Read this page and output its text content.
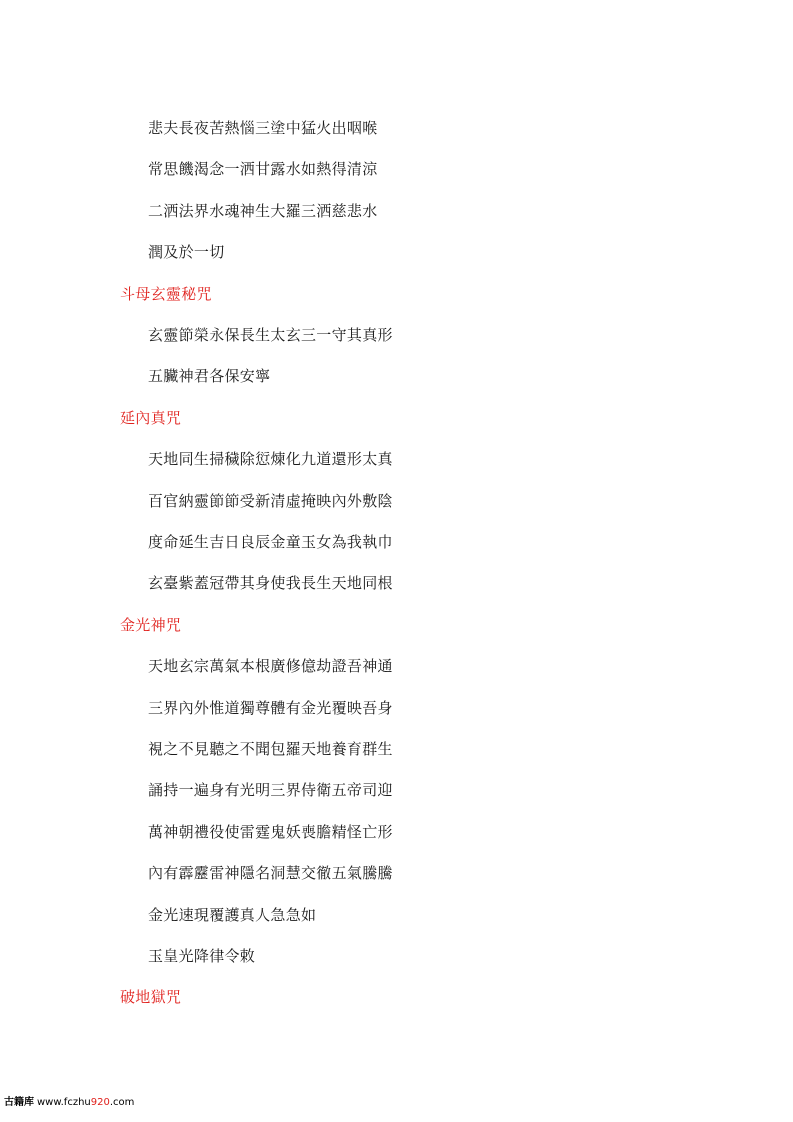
悲夫長夜苦熱惱三塗中猛火出咽喉
常思饑渴念一洒甘露水如熱得清涼
二洒法界水魂神生大羅三洒慈悲水
潤及於一切
斗母玄靈秘咒
玄靈節榮永保長生太玄三一守其真形
五臟神君各保安寧
延內真咒
天地同生掃穢除愆煉化九道還形太真
百官納靈節節受新清虛掩映內外敷陰
度命延生吉日良辰金童玉女為我執巾
玄臺紫蓋冠帶其身使我長生天地同根
金光神咒
天地玄宗萬氣本根廣修億劫證吾神通
三界內外惟道獨尊體有金光覆映吾身
視之不見聽之不聞包羅天地養育群生
誦持一遍身有光明三界侍衛五帝司迎
萬神朝禮役使雷霆鬼妖喪膽精怪亡形
內有霹靂雷神隱名洞慧交徹五氣騰騰
金光速現覆護真人急急如
玉皇光降律令敕
破地獄咒
古籍库 www.fczhu920.com
